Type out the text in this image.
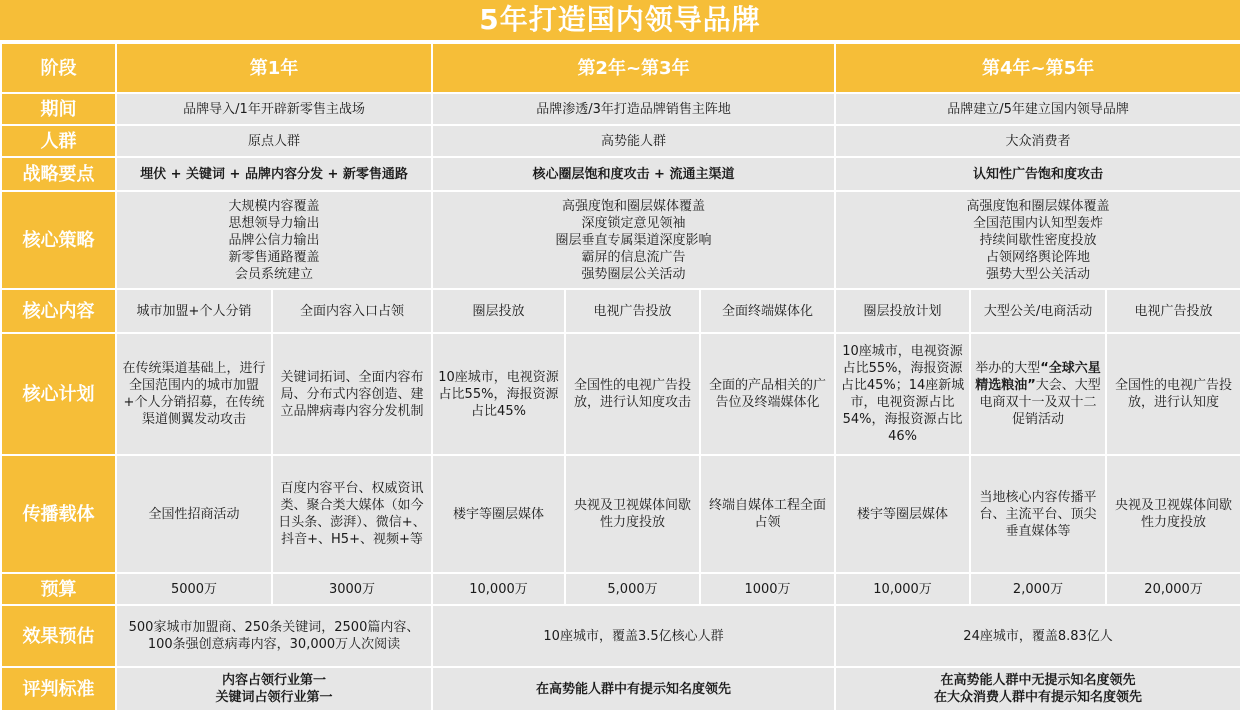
5年打造国内领导品牌
阶段	第1年		第2年~第3年			第4年~第5年		
期间	品牌导入/1年开辟新零售主战场		品牌渗透/3年打造品牌销售主阵地			品牌建立/5年建立国内领导品牌		
人群	原点人群		高势能人群			大众消费者		
战略要点	埋伏 + 关键词 + 品牌内容分发 + 新零售通路		核心圈层饱和度攻击 + 流通主渠道			认知性广告饱和度攻击		
核心策略	大规模内容覆盖
思想领导力输出
品牌公信力输出
新零售通路覆盖
会员系统建立		高强度饱和圈层媒体覆盖
深度锁定意见领袖
圈层垂直专属渠道深度影响
霸屏的信息流广告
强势圈层公关活动			高强度饱和圈层媒体覆盖
全国范围内认知型轰炸
持续间歇性密度投放
占领网络舆论阵地
强势大型公关活动		

核心内容	城市加盟+个人分销	全面内容入口占领	圈层投放	电视广告投放	全面终端媒体化	圈层投放计划	大型公关/电商活动	电视广告投放
核心计划	在传统渠道基础上，进行全国范围内的城市加盟+个人分销招募，在传统渠道侧翼发动攻击	关键词拓词、全面内容布局、分布式内容创造、建立品牌病毒内容分发机制	10座城市，电视资源占比55%，海报资源占比45%	全国性的电视广告投放，进行认知度攻击	全面的产品相关的广告位及终端媒体化	10座城市，电视资源占比55%，海报资源占比45%；14座新城市，电视资源占比54%，海报资源占比46%	举办的大型“全球六星精选粮油”大会、大型电商双十一及双十二促销活动	全国性的电视广告投放，进行认知度
传播载体	全国性招商活动	百度内容平台、权威资讯类、聚合类大媒体（如今日头条、澎湃）、微信+、抖音+、H5+、视频+等	楼宇等圈层媒体	央视及卫视媒体间歇性力度投放	终端自媒体工程全面占领	楼宇等圈层媒体	当地核心内容传播平台、主流平台、顶尖垂直媒体等	央视及卫视媒体间歇性力度投放
预算	5000万	3000万	10,000万	5,000万	1000万	10,000万	2,000万	20,000万
效果预估	500家城市加盟商、250条关键词，2500篇内容、100条强创意病毒内容，30,000万人次阅读		10座城市，覆盖3.5亿核心人群			24座城市，覆盖8.83亿人		
评判标准	内容占领行业第一
关键词占领行业第一		在高势能人群中有提示知名度领先			在高势能人群中无提示知名度领先
在大众消费人群中有提示知名度领先		
